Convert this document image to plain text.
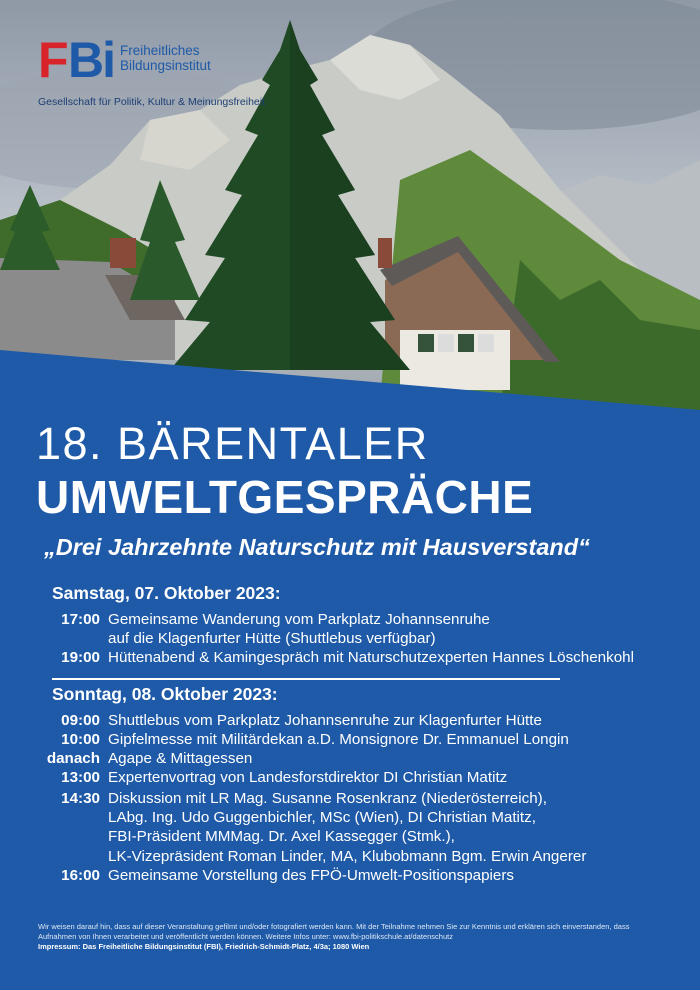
F Bi Freiheitliches
Bildungsinstitut
Gesellschaft für Politik, Kultur & Meinungsfreiheit
18. BÄRENTALER
UMWELTGESPRÄCHE
„Drei Jahrzehnte Naturschutz mit Hausverstand“
Samstag, 07. Oktober 2023:
17:00 Gemeinsame Wanderung vom Parkplatz Johannsenruhe
auf die Klagenfurter Hütte (Shuttlebus verfügbar)
19:00 Hüttenabend & Kamingespräch mit Naturschutzexperten Hannes Löschenkohl
Sonntag, 08. Oktober 2023:
09:00 Shuttlebus vom Parkplatz Johannsenruhe zur Klagenfurter Hütte
10:00 Gipfelmesse mit Militärdekan a.D. Monsignore Dr. Emmanuel Longin
danach Agape & Mittagessen
13:00 Expertenvortrag von Landesforstdirektor DI Christian Matitz
14:30 Diskussion mit LR Mag. Susanne Rosenkranz (Niederösterreich),
LAbg. Ing. Udo Guggenbichler, MSc (Wien), DI Christian Matitz,
FBI-Präsident MMMag. Dr. Axel Kassegger (Stmk.),
LK-Vizepräsident Roman Linder, MA, Klubobmann Bgm. Erwin Angerer
16:00 Gemeinsame Vorstellung des FPÖ-Umwelt-Positionspapiers
Wir weisen darauf hin, dass auf dieser Veranstaltung gefilmt und/oder fotografiert werden kann. Mit der Teilnahme nehmen Sie zur Kenntnis und erklären sich einverstanden, dass Aufnahmen von Ihnen verarbeitet und veröffentlicht werden können. Weitere Infos unter: www.fbi-politikschule.at/datenschutz
Impressum: Das Freiheitliche Bildungsinstitut (FBI), Friedrich-Schmidt-Platz, 4/3a; 1080 Wien
